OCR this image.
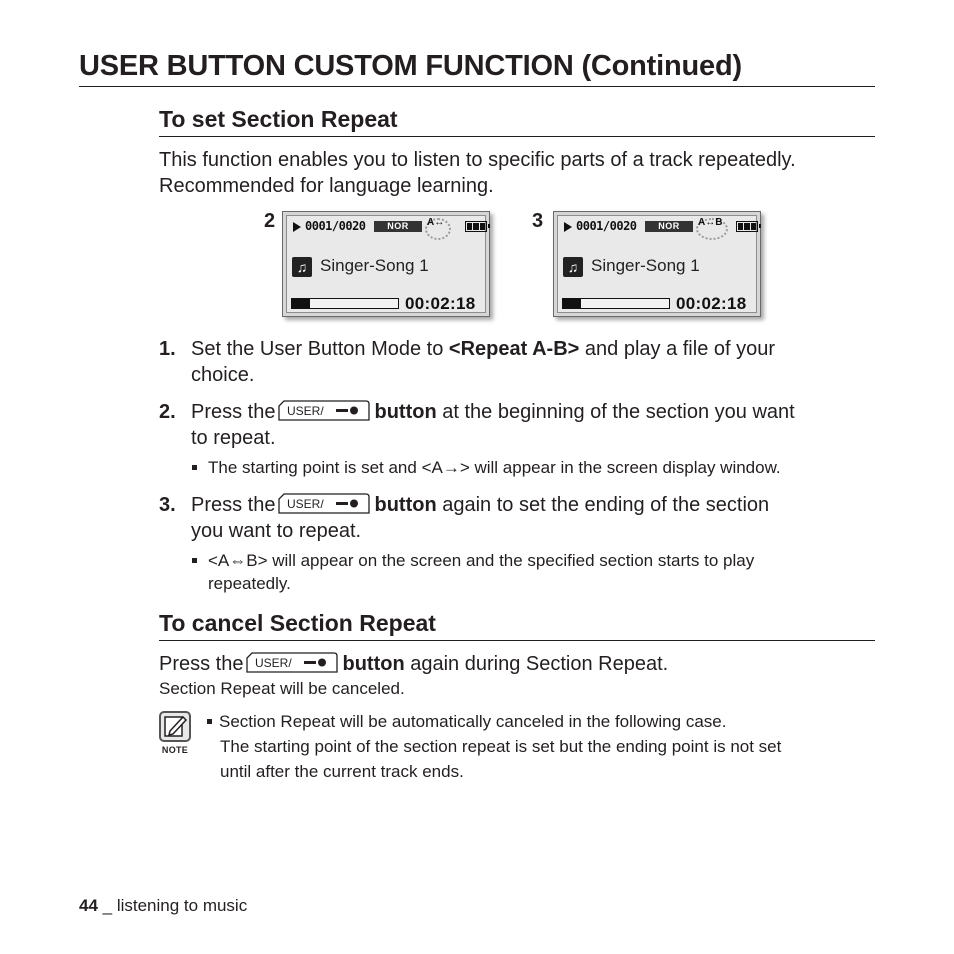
USER BUTTON CUSTOM FUNCTION (Continued)
To set Section Repeat
This function enables you to listen to specific parts of a track repeatedly.
Recommended for language learning.
2 0001/0020	NOR	A↔
♫ Singer-Song 1
00:02:18
3	0001/0020	NOR	A↔B
♫ Singer-Song 1
00:02:18
1. Set the User Button Mode to <Repeat A-B> and play a file of your
choice.
2. Press the USER/	button at the beginning of the section you want
to repeat.
The starting point is set and <A→> will appear in the screen display window.
3. Press the USER/	button again to set the ending of the section
you want to repeat.
<A⇔B> will appear on the screen and the specified section starts to play
repeatedly.
To cancel Section Repeat
Press the USER/	button again during Section Repeat.
Section Repeat will be canceled.
NOTE
Section Repeat will be automatically canceled in the following case.
The starting point of the section repeat is set but the ending point is not set
until after the current track ends.
44 _ listening to music
